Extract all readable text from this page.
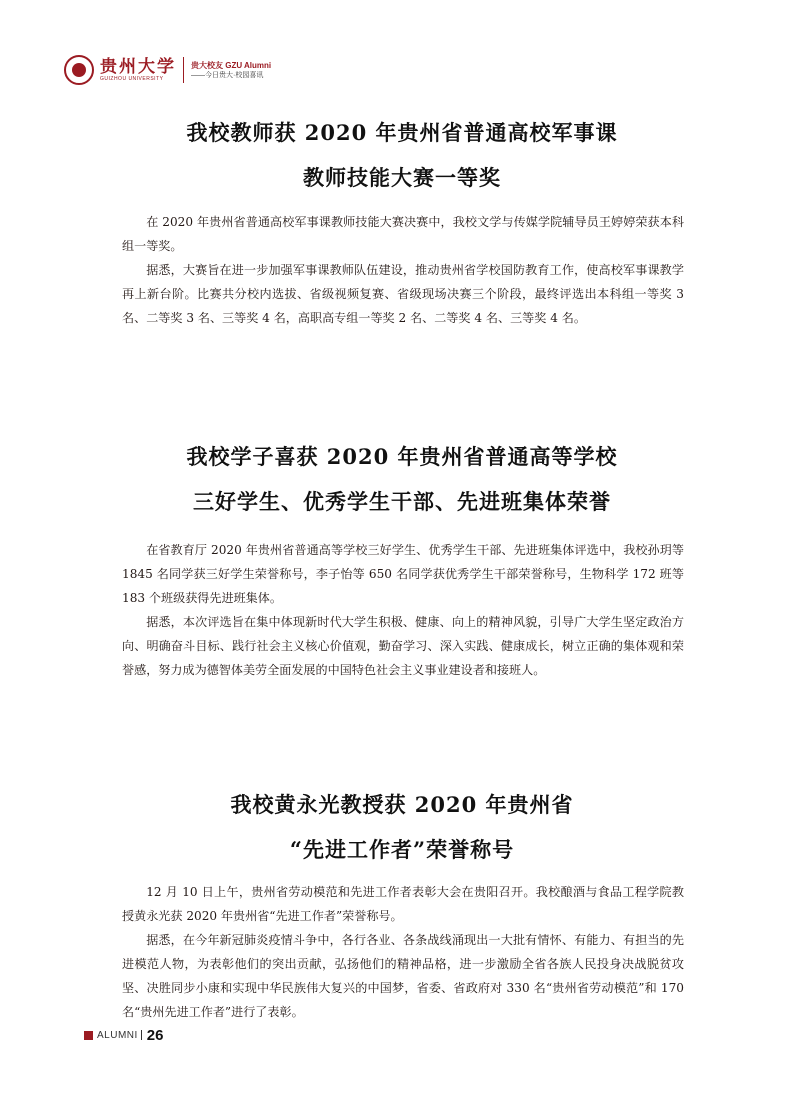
贵州大学
GUIZHOU UNIVERSITY
贵大校友 GZU Alumni
——今日贵大·校园喜讯
我校教师获 2020 年贵州省普通高校军事课
教师技能大赛一等奖

在 2020 年贵州省普通高校军事课教师技能大赛决赛中，我校文学与传媒学院辅导员王婷婷荣获本科组一等奖。

据悉，大赛旨在进一步加强军事课教师队伍建设，推动贵州省学校国防教育工作，使高校军事课教学再上新台阶。比赛共分校内选拔、省级视频复赛、省级现场决赛三个阶段，最终评选出本科组一等奖 3 名、二等奖 3 名、三等奖 4 名，高职高专组一等奖 2 名、二等奖 4 名、三等奖 4 名。

我校学子喜获 2020 年贵州省普通高等学校
三好学生、优秀学生干部、先进班集体荣誉

在省教育厅 2020 年贵州省普通高等学校三好学生、优秀学生干部、先进班集体评选中，我校孙玥等 1845 名同学获三好学生荣誉称号，李子怡等 650 名同学获优秀学生干部荣誉称号，生物科学 172 班等 183 个班级获得先进班集体。

据悉，本次评选旨在集中体现新时代大学生积极、健康、向上的精神风貌，引导广大学生坚定政治方向、明确奋斗目标、践行社会主义核心价值观，勤奋学习、深入实践、健康成长，树立正确的集体观和荣誉感，努力成为德智体美劳全面发展的中国特色社会主义事业建设者和接班人。

我校黄永光教授获 2020 年贵州省
“先进工作者”荣誉称号

12 月 10 日上午，贵州省劳动模范和先进工作者表彰大会在贵阳召开。我校酿酒与食品工程学院教授黄永光获 2020 年贵州省“先进工作者”荣誉称号。

据悉，在今年新冠肺炎疫情斗争中，各行各业、各条战线涌现出一大批有情怀、有能力、有担当的先进模范人物，为表彰他们的突出贡献，弘扬他们的精神品格，进一步激励全省各族人民投身决战脱贫攻坚、决胜同步小康和实现中华民族伟大复兴的中国梦，省委、省政府对 330 名“贵州省劳动模范”和 170 名“贵州先进工作者”进行了表彰。

ALUMNI 26
